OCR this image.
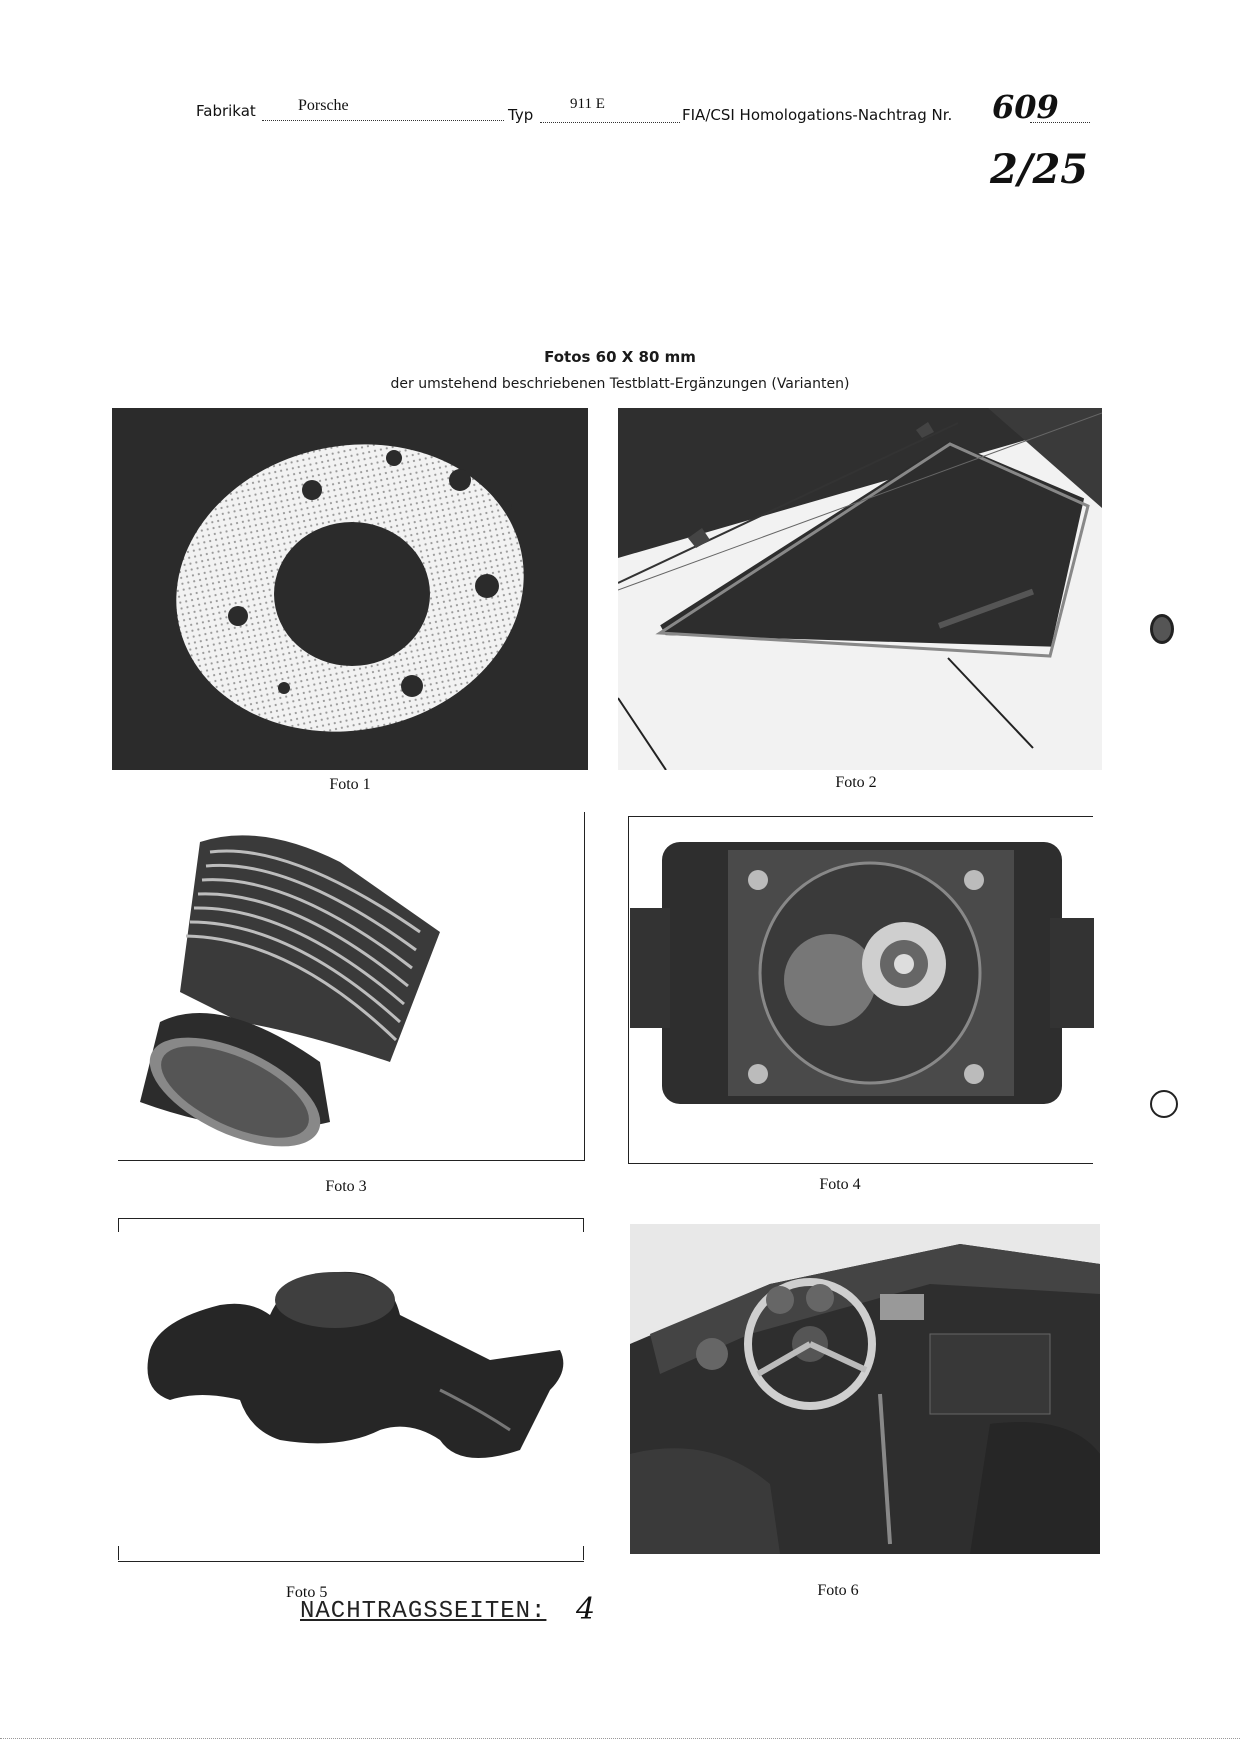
Fabrikat	Porsche
Typ
911 E
FIA/CSI Homologations-Nachtrag Nr. 609
2/25
Fotos 60 X 80 mm
der umstehend beschriebenen Testblatt-Ergänzungen (Varianten)
Foto 1	Foto 2
Foto 3	Foto 4
Foto 5	Foto 6
NACHTRAGSSEITEN: 4
